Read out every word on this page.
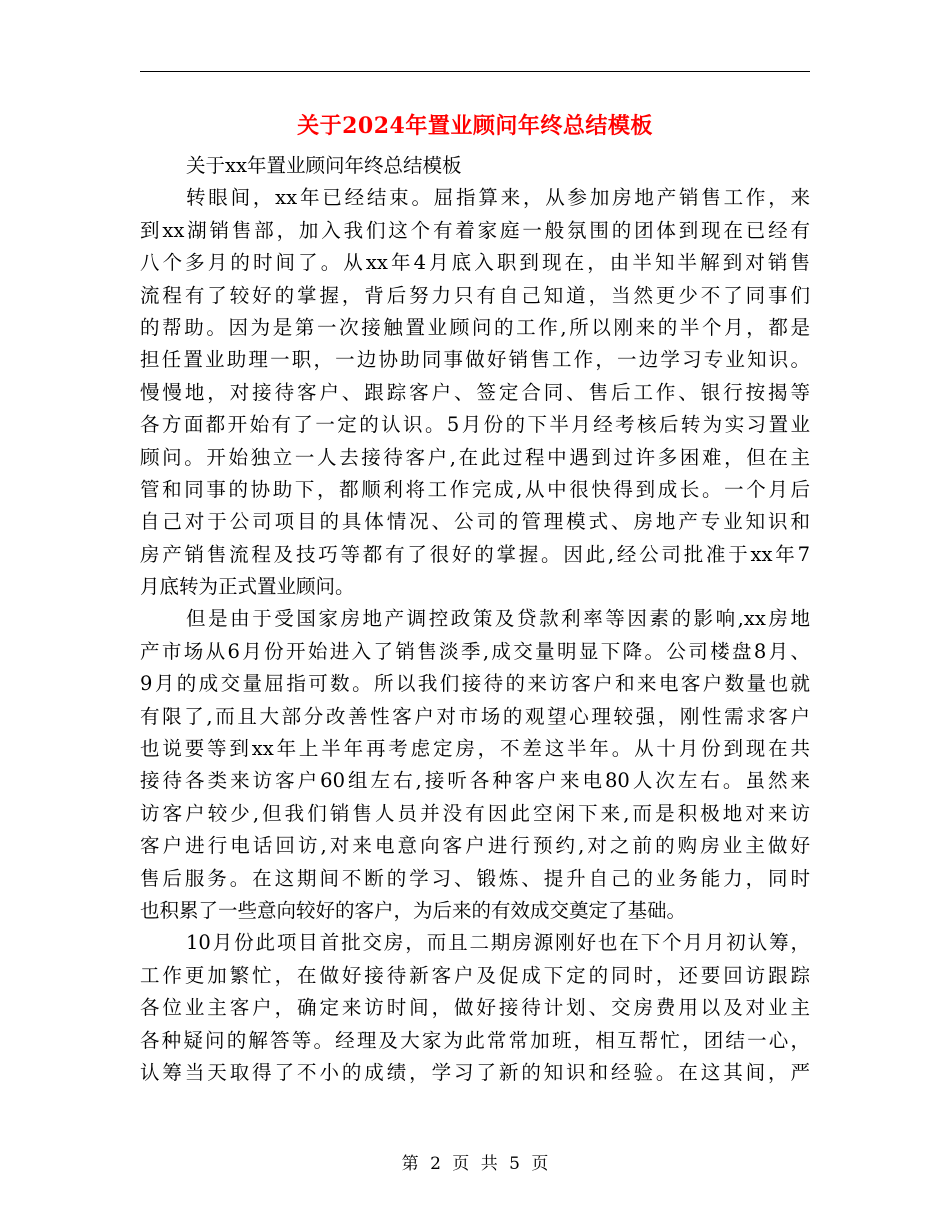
关于2024年置业顾问年终总结模板
关于xx年置业顾问年终总结模板
转眼间，xx年已经结束。屈指算来，从参加房地产销售工作，来
到xx湖销售部，加入我们这个有着家庭一般氛围的团体到现在已经有
八个多月的时间了。从xx年4月底入职到现在，由半知半解到对销售
流程有了较好的掌握，背后努力只有自己知道，当然更少不了同事们
的帮助。因为是第一次接触置业顾问的工作,所以刚来的半个月，都是
担任置业助理一职，一边协助同事做好销售工作，一边学习专业知识。
慢慢地，对接待客户、跟踪客户、签定合同、售后工作、银行按揭等
各方面都开始有了一定的认识。5月份的下半月经考核后转为实习置业
顾问。开始独立一人去接待客户,在此过程中遇到过许多困难，但在主
管和同事的协助下，都顺利将工作完成,从中很快得到成长。一个月后
自己对于公司项目的具体情况、公司的管理模式、房地产专业知识和
房产销售流程及技巧等都有了很好的掌握。因此,经公司批准于xx年7
月底转为正式置业顾问。
但是由于受国家房地产调控政策及贷款利率等因素的影响,xx房地
产市场从6月份开始进入了销售淡季,成交量明显下降。公司楼盘8月、
9月的成交量屈指可数。所以我们接待的来访客户和来电客户数量也就
有限了,而且大部分改善性客户对市场的观望心理较强，刚性需求客户
也说要等到xx年上半年再考虑定房，不差这半年。从十月份到现在共
接待各类来访客户60组左右,接听各种客户来电80人次左右。虽然来
访客户较少,但我们销售人员并没有因此空闲下来,而是积极地对来访
客户进行电话回访,对来电意向客户进行预约,对之前的购房业主做好
售后服务。在这期间不断的学习、锻炼、提升自己的业务能力，同时
也积累了一些意向较好的客户，为后来的有效成交奠定了基础。
10月份此项目首批交房，而且二期房源刚好也在下个月月初认筹，
工作更加繁忙，在做好接待新客户及促成下定的同时，还要回访跟踪
各位业主客户，确定来访时间，做好接待计划、交房费用以及对业主
各种疑问的解答等。经理及大家为此常常加班，相互帮忙，团结一心，
认筹当天取得了不小的成绩，学习了新的知识和经验。在这其间，严
第 2 页 共 5 页
